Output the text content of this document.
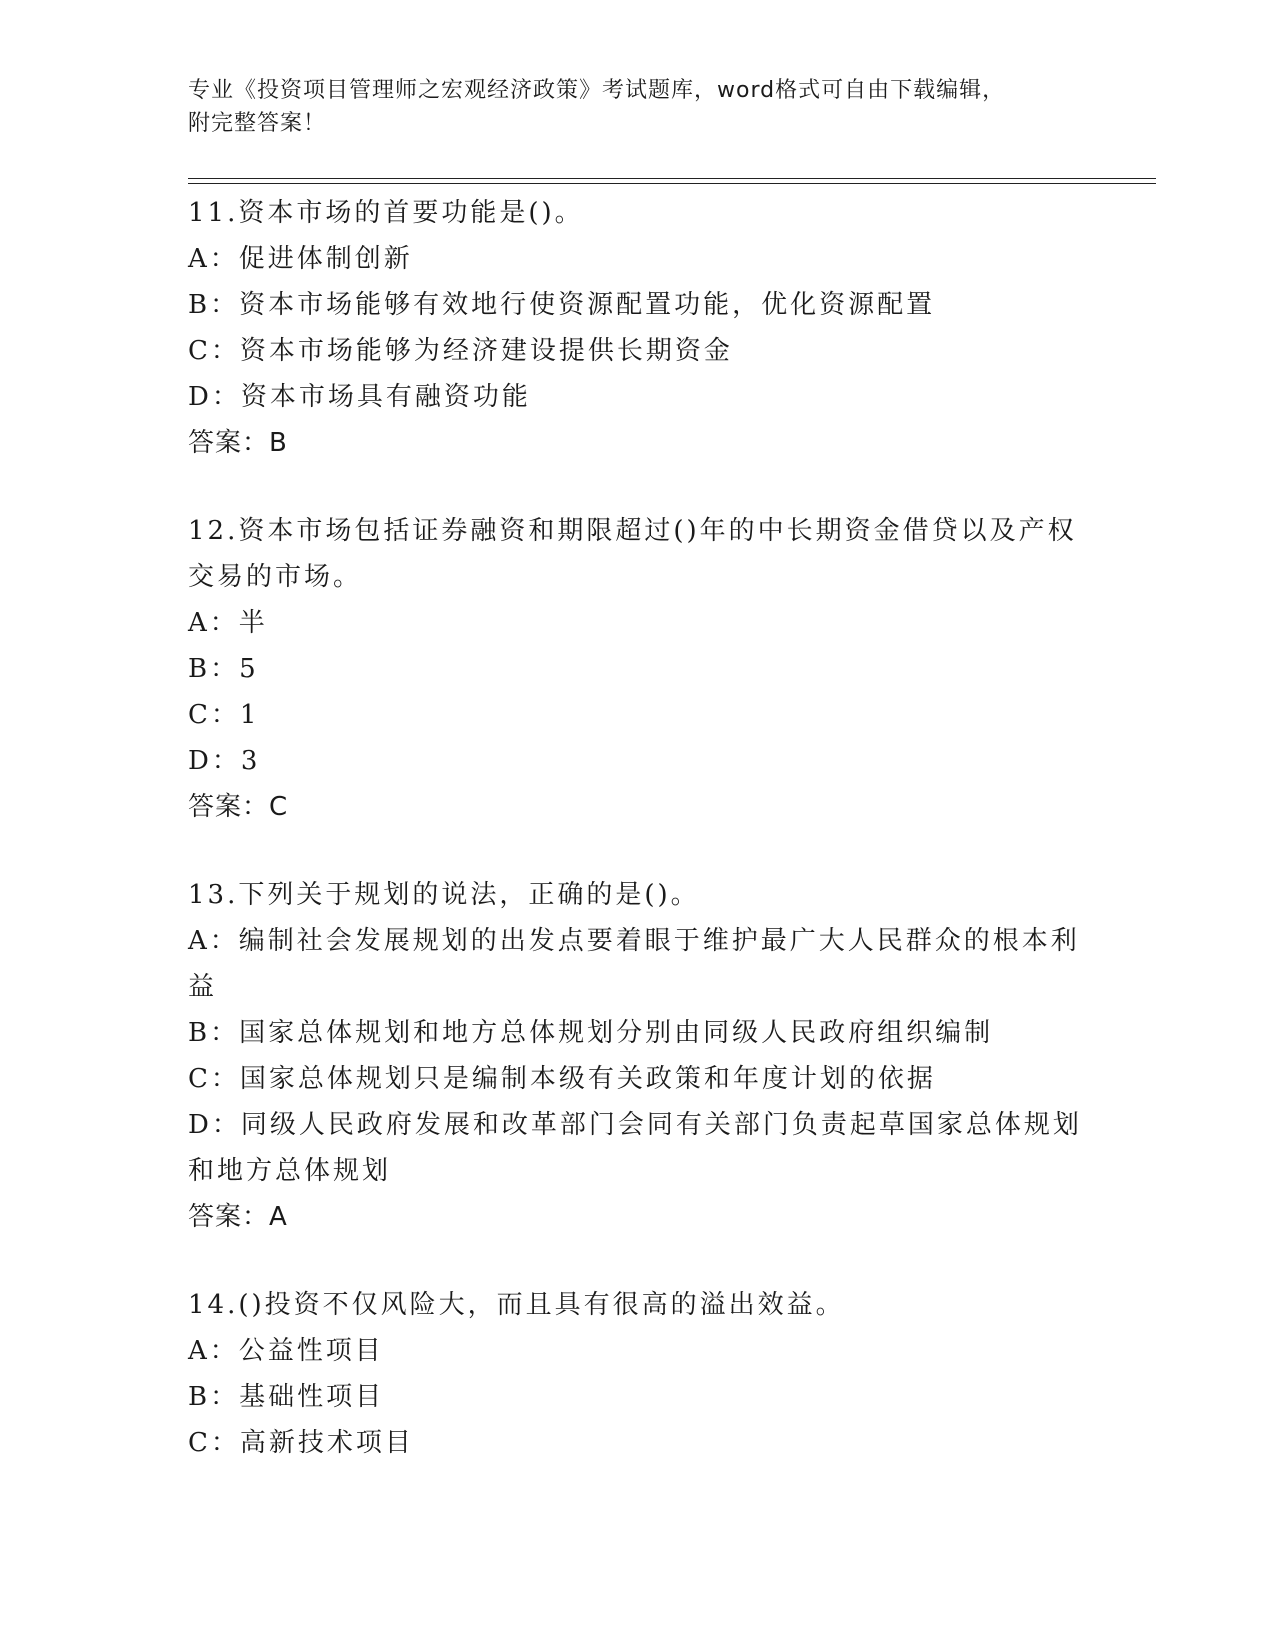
专业《投资项目管理师之宏观经济政策》考试题库，word格式可自由下载编辑，
附完整答案！
11.资本市场的首要功能是()。
A：促进体制创新
B：资本市场能够有效地行使资源配置功能，优化资源配置
C：资本市场能够为经济建设提供长期资金
D：资本市场具有融资功能
答案：B
12.资本市场包括证券融资和期限超过()年的中长期资金借贷以及产权
交易的市场。
A：半
B：5
C：1
D：3
答案：C
13.下列关于规划的说法，正确的是()。
A：编制社会发展规划的出发点要着眼于维护最广大人民群众的根本利
益
B：国家总体规划和地方总体规划分别由同级人民政府组织编制
C：国家总体规划只是编制本级有关政策和年度计划的依据
D：同级人民政府发展和改革部门会同有关部门负责起草国家总体规划
和地方总体规划
答案：A
14.()投资不仅风险大，而且具有很高的溢出效益。
A：公益性项目
B：基础性项目
C：高新技术项目
